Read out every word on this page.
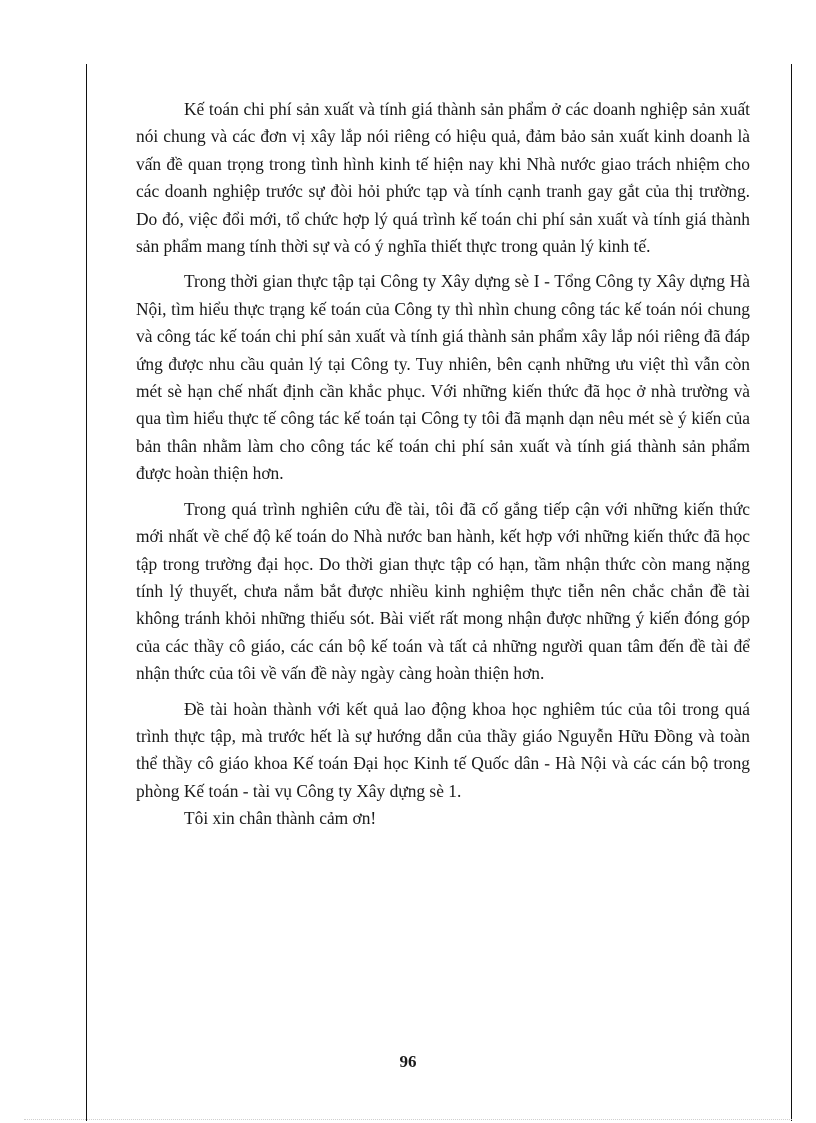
Kế toán chi phí sản xuất và tính giá thành sản phẩm ở các doanh nghiệp sản xuất nói chung và các đơn vị xây lắp nói riêng có hiệu quả, đảm bảo sản xuất kinh doanh là vấn đề quan trọng trong tình hình kinh tế hiện nay khi Nhà nước giao trách nhiệm cho các doanh nghiệp trước sự đòi hỏi phức tạp và tính cạnh tranh gay gắt của thị trường. Do đó, việc đổi mới, tổ chức hợp lý quá trình kế toán chi phí sản xuất và tính giá thành sản phẩm mang tính thời sự và có ý nghĩa thiết thực trong quản lý kinh tế.

Trong thời gian thực tập tại Công ty Xây dựng sè I - Tổng Công ty Xây dựng Hà Nội, tìm hiểu thực trạng kế toán của Công ty thì nhìn chung công tác kế toán nói chung và công tác kế toán chi phí sản xuất và tính giá thành sản phẩm xây lắp nói riêng đã đáp ứng được nhu cầu quản lý tại Công ty. Tuy nhiên, bên cạnh những ưu việt thì vẫn còn mét sè hạn chế nhất định cần khắc phục. Với những kiến thức đã học ở nhà trường và qua tìm hiểu thực tế công tác kế toán tại Công ty tôi đã mạnh dạn nêu mét sè ý kiến của bản thân nhằm làm cho công tác kế toán chi phí sản xuất và tính giá thành sản phẩm được hoàn thiện hơn.

Trong quá trình nghiên cứu đề tài, tôi đã cố gắng tiếp cận với những kiến thức mới nhất về chế độ kế toán do Nhà nước ban hành, kết hợp với những kiến thức đã học tập trong trường đại học. Do thời gian thực tập có hạn, tầm nhận thức còn mang nặng tính lý thuyết, chưa nắm bắt được nhiều kinh nghiệm thực tiễn nên chắc chắn đề tài không tránh khỏi những thiếu sót. Bài viết rất mong nhận được những ý kiến đóng góp của các thầy cô giáo, các cán bộ kế toán và tất cả những người quan tâm đến đề tài để nhận thức của tôi về vấn đề này ngày càng hoàn thiện hơn.

Đề tài hoàn thành với kết quả lao động khoa học nghiêm túc của tôi trong quá trình thực tập, mà trước hết là sự hướng dẫn của thầy giáo Nguyễn Hữu Đồng và toàn thể thầy cô giáo khoa Kế toán Đại học Kinh tế Quốc dân - Hà Nội và các cán bộ trong phòng Kế toán - tài vụ Công ty Xây dựng sè 1.

Tôi xin chân thành cảm ơn!

96
